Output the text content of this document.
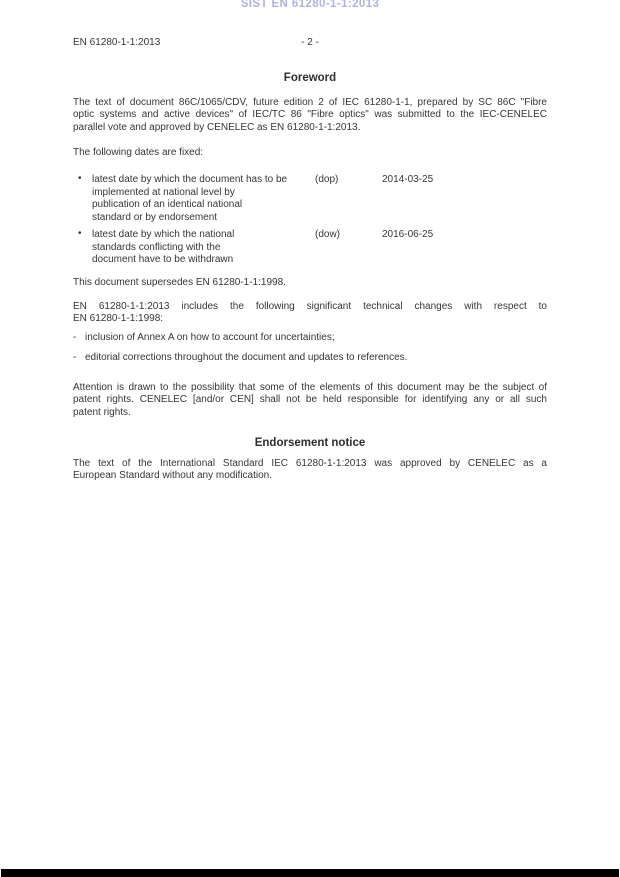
SIST EN 61280-1-1:2013
EN 61280-1-1:2013	- 2 -
Foreword
The text of document 86C/1065/CDV, future edition 2 of IEC 61280-1-1, prepared by SC 86C "Fibre
optic systems and active devices" of IEC/TC 86 "Fibre optics" was submitted to the IEC-CENELEC
parallel vote and approved by CENELEC as EN 61280-1-1:2013.
The following dates are fixed:
• latest date by which the document has to be
implemented at national level by
publication of an identical national
standard or by endorsement
(dop)	2014-03-25
• latest date by which the national
standards conflicting with the
document have to be withdrawn
(dow)	2016-06-25
This document supersedes EN 61280-1-1:1998.
EN 61280-1-1:2013 includes the following significant technical changes with respect to
EN 61280-1-1:1998:
- inclusion of Annex A on how to account for uncertainties;
- editorial corrections throughout the document and updates to references.
Attention is drawn to the possibility that some of the elements of this document may be the subject of
patent rights. CENELEC [and/or CEN] shall not be held responsible for identifying any or all such
patent rights.
Endorsement notice
The text of the International Standard IEC 61280-1-1:2013 was approved by CENELEC as a
European Standard without any modification.
